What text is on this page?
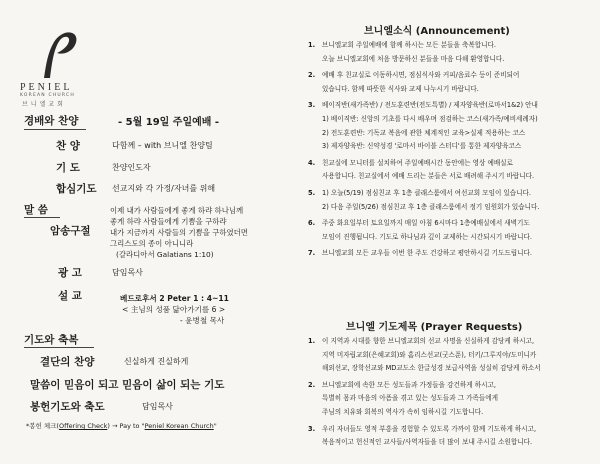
PENIEL
KOREAN CHURCH
브니엘교회
경배와 찬양	- 5월 19일 주일예배 -
찬 양	다함께 – with 브니엘 찬양팀
기 도	찬양인도자
합심기도 선교지와 각 가정/자녀를 위해
말 씀
암송구절
이제 내가 사람들에게 좋게 하랴 하나님께
좋게 하랴 사람들에게 기쁨을 구하랴
내가 지금까지 사람들의 기쁨을 구하였더면
그리스도의 종이 아니니라
(갈라디아서 Galatians 1:10)
광 고	담임목사
설 교	베드로후서 2 Peter 1 : 4~11
< 主님의 성품 닮아가기를 6 >
- 윤병철 목사
기도와 축복
결단의 찬양	신실하게 진실하게
말씀이 믿음이 되고 믿음이 삶이 되는 기도
봉헌기도와 축도	담임목사
*봉헌 체크(Offering Check) → Pay to "Peniel Korean Church"
브니엘소식 (Announcement)
1.	브니엘교회 주일예배에 함께 하시는 모든 분들을 축복합니다.
오늘 브니엘교회에 처음 방문하신 분들을 마음 다해 환영합니다.
2.	예배 후 친교실로 이동하시면, 점심식사와 커피/음료수 등이 준비되어
있습니다. 함께 따뜻한 식사와 교제 나누시기 바랍니다.
3.	베이직반(새가족반) / 전도훈련반(전도특별) / 제자양육반(로마서1&2) 안내
1) 베이직반: 신앙의 기초를 다시 배우며 점검하는 코스(새가족/예비세례자)
2) 전도훈련반: 기독교 복음에 관한 체계적인 교육>실제 적용하는 코스
3) 제자양육반: 신약성경 '로마서 바이블 스터디'를 통한 제자양육코스
4.	친교실에 모니터를 설치하여 주일예배시간 동안에는 영상 예배실로
사용합니다. 친교실에서 예배 드리는 분들은 서로 배려해 주시기 바랍니다.
5.	1) 오늘(5/19) 점심친교 후 1층 클래스룸에서 여선교회 모임이 있습니다.
2) 다음 주일(5/26) 점심친교 후 1층 클래스룸에서 정기 임원회가 있습니다.
6.	주중 화요일부터 토요일까지 매일 아침 6시마다 1층예배실에서 새벽기도
모임이 진행됩니다. 기도로 하나님과 깊이 교제하는 시간되시기 바랍니다.
7.	브니엘교회 모든 교우들 이번 한 주도 건강하고 평안하시길 기도드립니다.
브니엘 기도제목 (Prayer Requests)
1.	이 지역과 시대를 향한 브니엘교회의 선교 사명을 신실하게 감당케 하시고,
지역 미자립교회(은혜교회)와 홈리스선교(굿스푼), 터키/그루지야/도미니카
해외선교, 장학선교와 MD교도소 한글성경 보급사역을 성실히 감당케 하소서
2.	브니엘교회에 속한 모든 성도들과 가정들을 강건하게 하시고,
특별히 몸과 마음의 아픔을 겪고 있는 성도들과 그 가족들에게
주님의 치유와 회복의 역사가 속히 임하시길 기도합니다.
3.	우리 자녀들도 영적 부흥을 경험할 수 있도록 가까이 함께 기도하게 하시고,
복음적이고 헌신적인 교사들/사역자들을 더 많이 보내 주시길 소원합니다.
